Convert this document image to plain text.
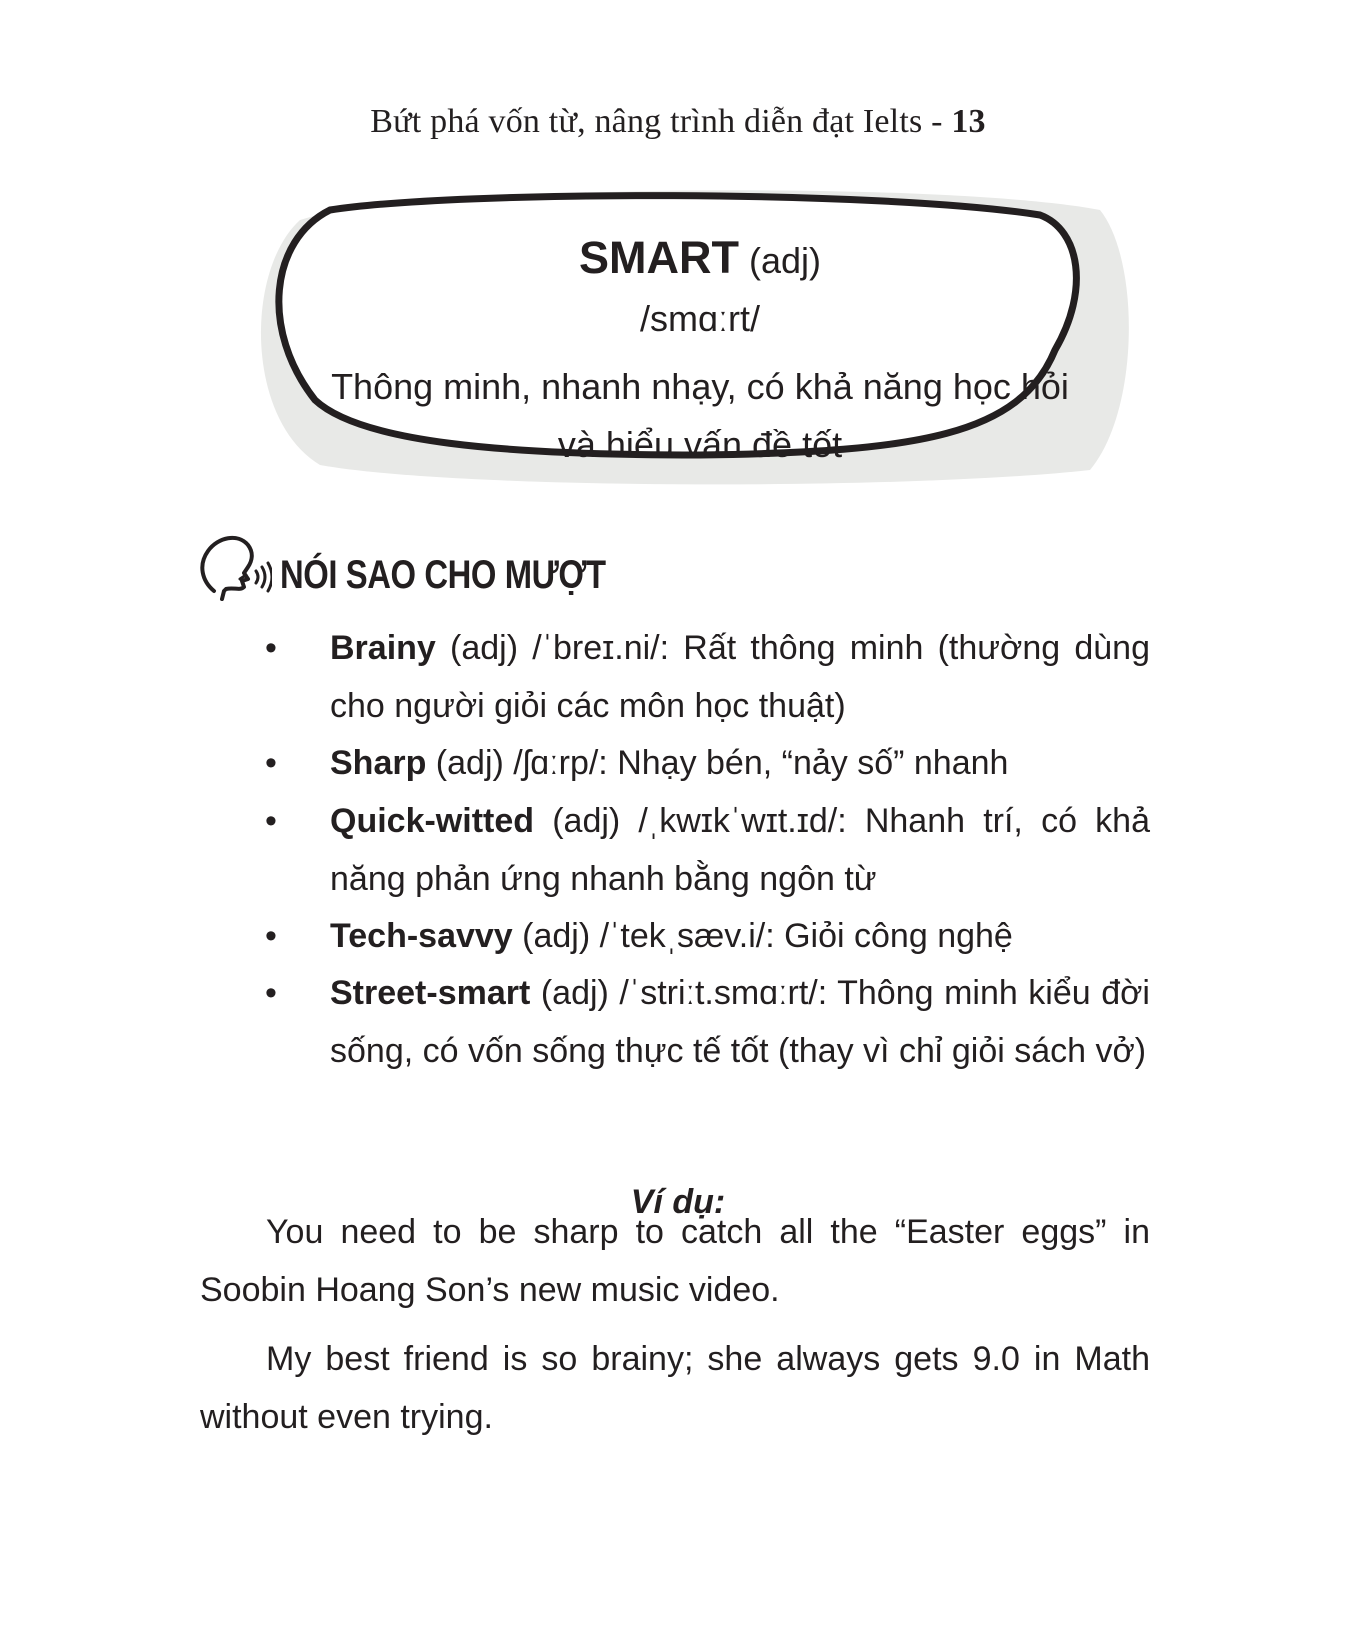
Bứt phá vốn từ, nâng trình diễn đạt Ielts - 13
SMART (adj)
/smɑːrt/
Thông minh, nhanh nhạy, có khả năng học hỏi
và hiểu vấn đề tốt
NÓI SAO CHO MƯỢT
• Brainy (adj) /ˈbreɪ.ni/: Rất thông minh (thường dùng cho người giỏi các môn học thuật)
• Sharp (adj) /ʃɑːrp/: Nhạy bén, “nảy số” nhanh
• Quick-witted (adj) /ˌkwɪkˈwɪt.ɪd/: Nhanh trí, có khả năng phản ứng nhanh bằng ngôn từ
• Tech-savvy (adj) /ˈtekˌsæv.i/: Giỏi công nghệ
• Street-smart (adj) /ˈstriːt.smɑːrt/: Thông minh kiểu đời sống, có vốn sống thực tế tốt (thay vì chỉ giỏi sách vở)
Ví dụ:
You need to be sharp to catch all the “Easter eggs” in Soobin Hoang Son’s new music video.
My best friend is so brainy; she always gets 9.0 in Math without even trying.
